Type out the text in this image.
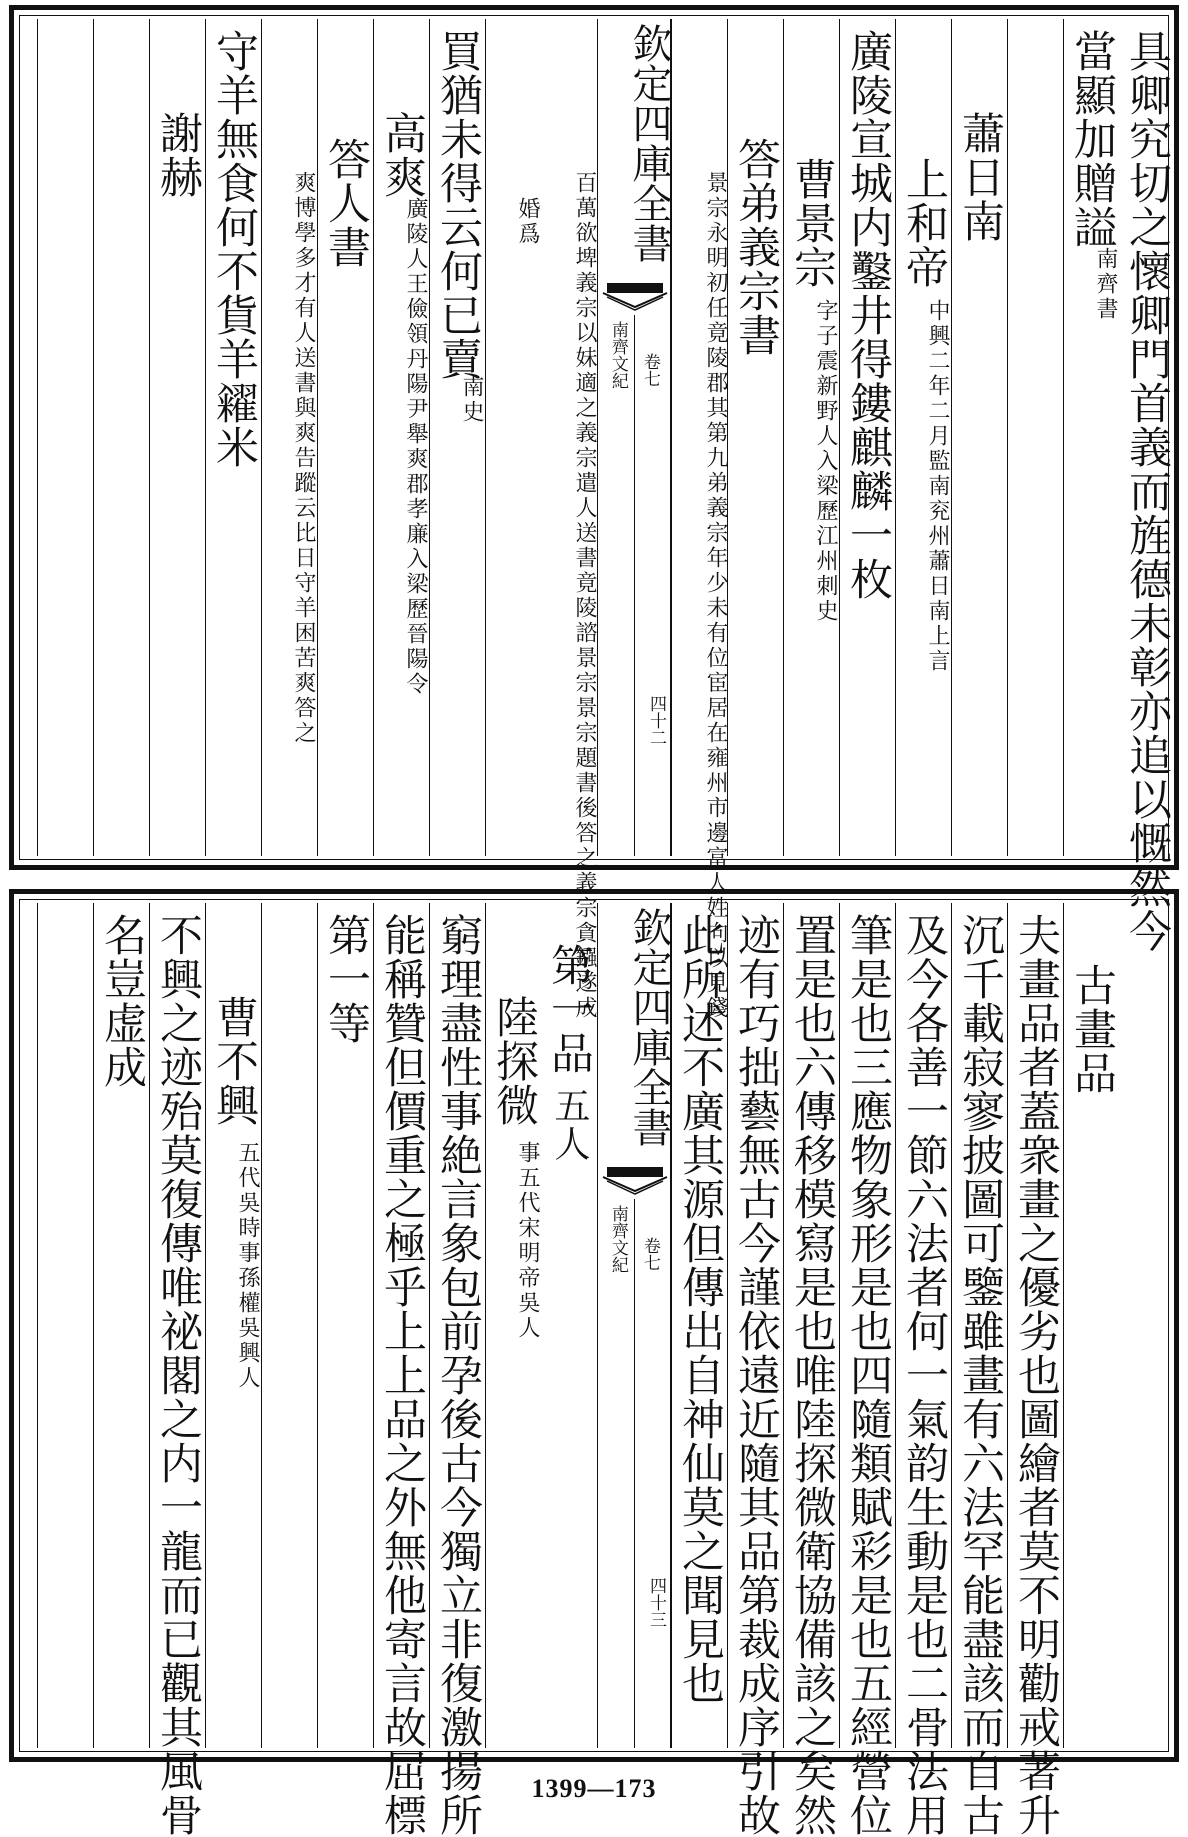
具卿究切之懷卿門首義而旌德未彰亦追以慨然今
當顯加贈謚
南齊書
蕭日南
上和帝
中興二年二月監南兖州蕭日南上言
廣陵宣城内鑿井得鏤麒麟一枚
曹景宗
字子震新野人入梁歷江州刺史
答弟義宗書
景宗永明初任竟陵郡其第九弟義宗年少未有位宦居在雍州市邊富人姓向以見錢
欽定四庫全書
南齊文紀 卷七
四十二
百萬欲埤義宗以妹適之義宗遣人送書竟陵諮景宗景宗題書後答之義宗貪鏹遂成
婚爲
買猶未得云何已賣
南史
高爽
廣陵人王儉領丹陽尹舉爽郡孝廉入梁歷晉陽令
答人書
爽博學多才有人送書與爽告蹤云比日守羊困苦爽答之
守羊無食何不貨羊糴米
謝赫
古畫品
夫畫品者蓋衆畫之優劣也圖繪者莫不明勸戒著升
沉千載寂寥披圖可鑒雖畫有六法罕能盡該而自古
及今各善一節六法者何一氣韵生動是也二骨法用
筆是也三應物象形是也四隨類賦彩是也五經營位
置是也六傳移模寫是也唯陸探微衛協備該之矣然
迹有巧拙藝無古今謹依遠近隨其品第裁成序引故
此所述不廣其源但傳出自神仙莫之聞見也
欽定四庫全書
南齊文紀 卷七
四十三
第一品
五人
陸探微
事五代宋明帝吳人
窮理盡性事絶言象包前孕後古今獨立非復激揚所
能稱贊但價重之極乎上上品之外無他寄言故屈標
第一等
曹不興
五代吳時事孫權吳興人
不興之迹殆莫復傳唯祕閣之内一龍而已觀其風骨
名豈虚成
1399—173
